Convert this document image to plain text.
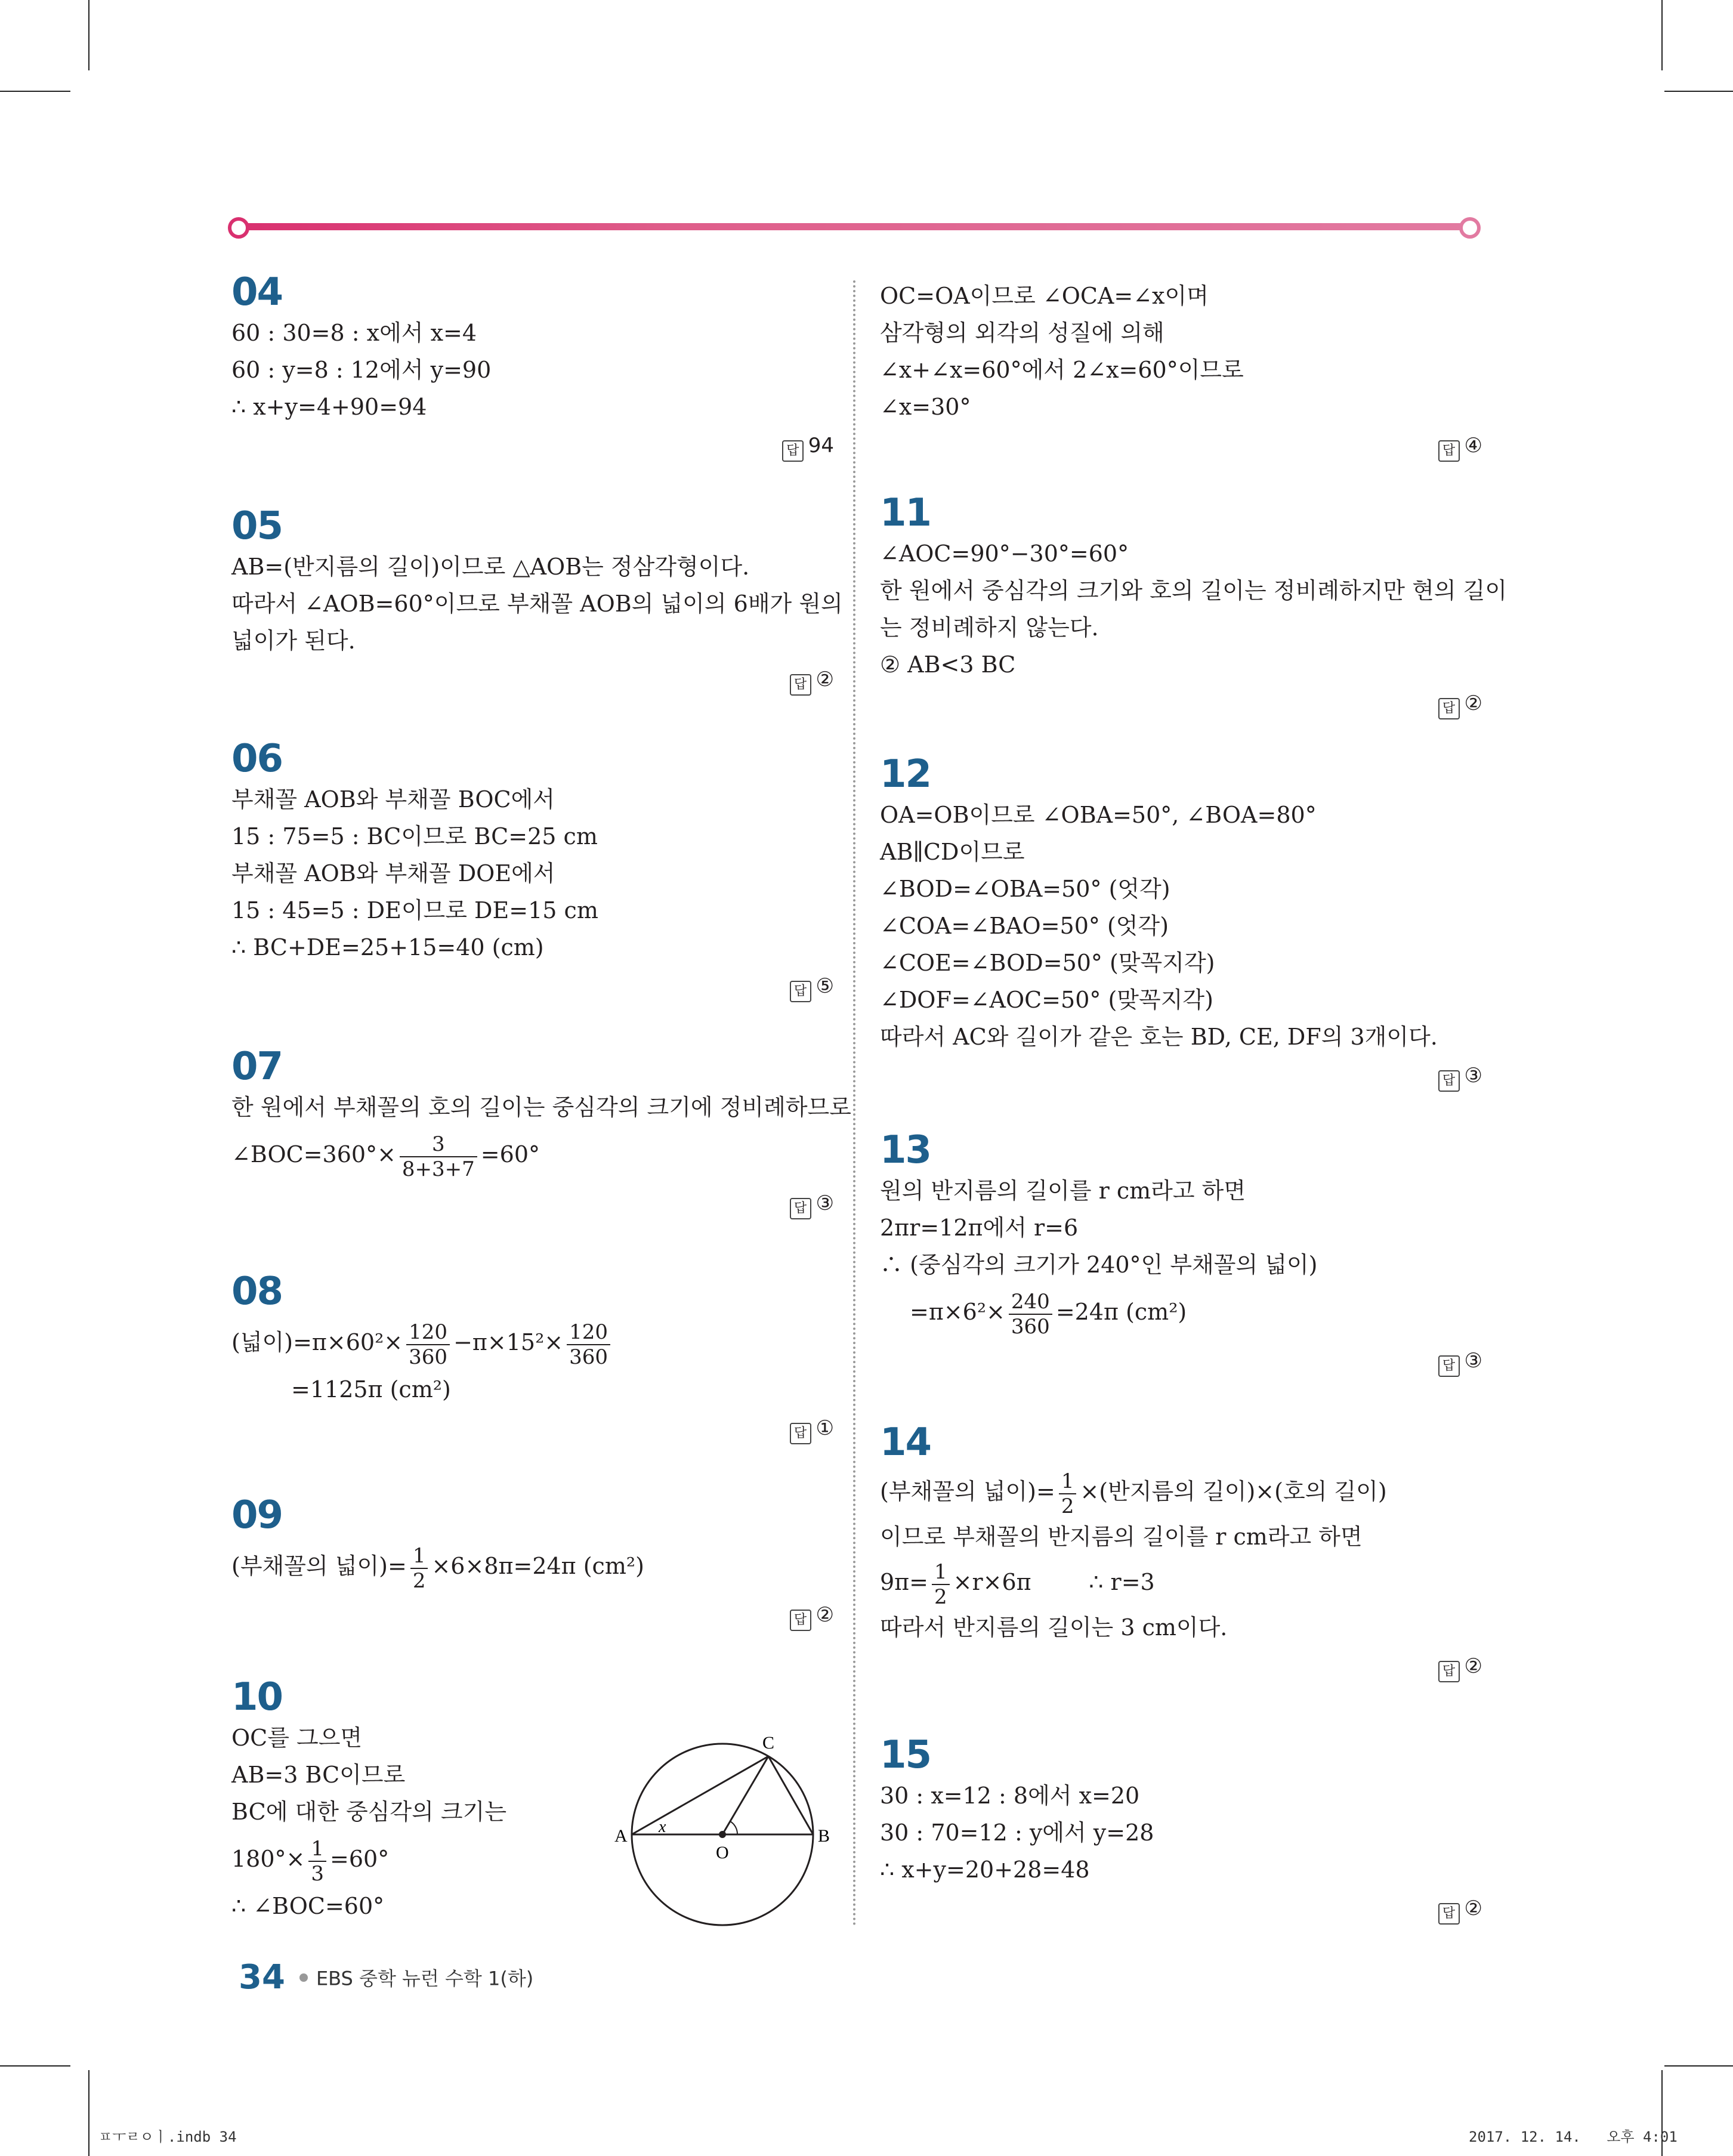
04
60 : 30=8 : x에서 x=4
60 : y=8 : 12에서 y=90
∴ x+y=4+90=94
답 94
05
AB=(반지름의 길이)이므로 △AOB는 정삼각형이다.
따라서 ∠AOB=60°이므로 부채꼴 AOB의 넓이의 6배가 원의
넓이가 된다.
답 ②
06
부채꼴 AOB와 부채꼴 BOC에서
15 : 75=5 : BC이므로 BC=25 cm
부채꼴 AOB와 부채꼴 DOE에서
15 : 45=5 : DE이므로 DE=15 cm
∴ BC+DE=25+15=40 (cm)
답 ⑤
07
한 원에서 부채꼴의 호의 길이는 중심각의 크기에 정비례하므로
∠BOC=360°× $\frac{3}{8+3+7} =60^\circ$
답 ③
08
(넓이)$=\pi\times 60^2\times \frac{120}{360} -\pi\times 15^2\times \frac{120}{360}$
=1125π (cm²)
답 ①
09
(부채꼴의 넓이)= $\frac{1}{2} \times 6\times 8\pi=24\pi$ (cm²)
답 ②
10
OC를 그으면
AB=3 BC이므로
BC에 대한 중심각의 크기는
$180^\circ\times \frac{1}{3} =60^\circ$
∴ ∠BOC=60°
A	B
C
O
x
OC=OA이므로 ∠OCA=∠x이며
삼각형의 외각의 성질에 의해
∠x+∠x=60°에서 2∠x=60°이므로
∠x=30°
답 ④
11
∠AOC=90°−30°=60°
한 원에서 중심각의 크기와 호의 길이는 정비례하지만 현의 길이
는 정비례하지 않는다.
② AB<3 BC
답 ②
12
OA=OB이므로 ∠OBA=50°, ∠BOA=80°
AB∥CD이므로
∠BOD=∠OBA=50° (엇각)
∠COA=∠BAO=50° (엇각)
∠COE=∠BOD=50° (맞꼭지각)
∠DOF=∠AOC=50° (맞꼭지각)
따라서 AC와 길이가 같은 호는 BD, CE, DF의 3개이다.
답 ③
13
원의 반지름의 길이를 r cm라고 하면
2πr=12π에서 r=6
∴ (중심각의 크기가 240°인 부채꼴의 넓이)
$=\pi\times 6^2\times \frac{240}{360} =24\pi$ (cm²)
답 ③
14
(부채꼴의 넓이)= $\frac{1}{2}$ ×(반지름의 길이)×(호의 길이)
이므로 부채꼴의 반지름의 길이를 r cm라고 하면
$9\pi= \frac{1}{2} \times r\times 6\pi$        ∴ r=3
따라서 반지름의 길이는 3 cm이다.
답 ②
15
30 : x=12 : 8에서 x=20
30 : 70=12 : y에서 y=28
∴ x+y=20+28=48
답 ②
34 EBS 중학 뉴런 수학 1(하)
ㅍㅜㄹㅇㅣ.indb 34	2017. 12. 14.   오후 4:01
